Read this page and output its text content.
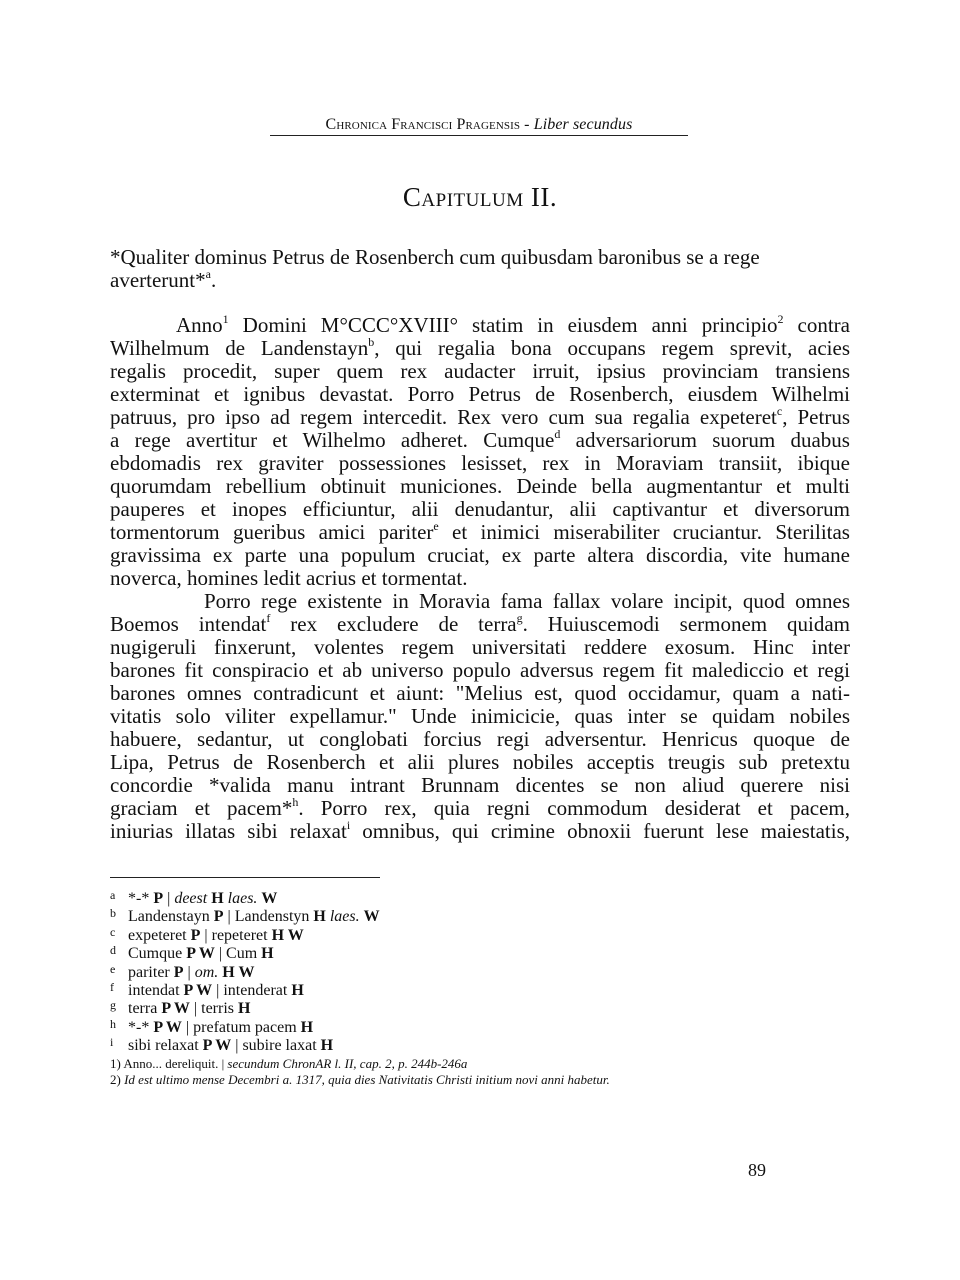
Chronica Francisci Pragensis - Liber secundus
Capitulum II.
*Qualiter dominus Petrus de Rosenberch cum quibusdam baronibus se a rege
averterunt*$^a$.
Anno$^1$ Domini M°CCC°XVIII° statim in eiusdem anni principio$^2$ contra
Wilhelmum de Landenstayn$^b$, qui regalia bona occupans regem sprevit, acies
regalis procedit, super quem rex audacter irruit, ipsius provinciam transiens
exterminat et ignibus devastat. Porro Petrus de Rosenberch, eiusdem Wilhelmi
patruus, pro ipso ad regem intercedit. Rex vero cum sua regalia expeteret$^c$, Petrus
a rege avertitur et Wilhelmo adheret. Cumque$^d$ adversariorum suorum duabus
ebdomadis rex graviter possessiones lesisset, rex in Moraviam transiit, ibique
quorumdam rebellium obtinuit municiones. Deinde bella augmentantur et multi
pauperes et inopes efficiuntur, alii denudantur, alii captivantur et diversorum
tormentorum gueribus amici pariter$^e$ et inimici miserabiliter cruciantur. Sterilitas
gravissima ex parte una populum cruciat, ex parte altera discordia, vite humane
noverca, homines ledit acrius et tormentat.
Porro rege existente in Moravia fama fallax volare incipit, quod omnes
Boemos intendat$^f$ rex excludere de terra$^g$. Huiuscemodi sermonem quidam
nugigeruli finxerunt, volentes regem universitati reddere exosum. Hinc inter
barones fit conspiracio et ab universo populo adversus regem fit malediccio et regi
barones omnes contradicunt et aiunt: "Melius est, quod occidamur, quam a nati-
vitatis solo viliter expellamur." Unde inimicicie, quas inter se quidam nobiles
habuere, sedantur, ut conglobati forcius regi adversentur. Henricus quoque de
Lipa, Petrus de Rosenberch et alii plures nobiles acceptis treugis sub pretextu
concordie *valida manu intrant Brunnam dicentes se non aliud querere nisi
graciam et pacem*$^h$. Porro rex, quia regni commodum desiderat et pacem,
iniurias illatas sibi relaxat$^i$ omnibus, qui crimine obnoxii fuerunt lese maiestatis,
a *-* P | deest H laes. W
b Landenstayn P | Landenstyn H laes. W
c expeteret P | repeteret H W
d Cumque P W | Cum H
e pariter P | om. H W
f intendat P W | intenderat H
g terra P W | terris H
h *-* P W | prefatum pacem H
i sibi relaxat P W | subire laxat H
1) Anno... dereliquit. | secundum ChronAR l. II, cap. 2, p. 244b-246a
2) Id est ultimo mense Decembri a. 1317, quia dies Nativitatis Christi initium novi anni habetur.
89
